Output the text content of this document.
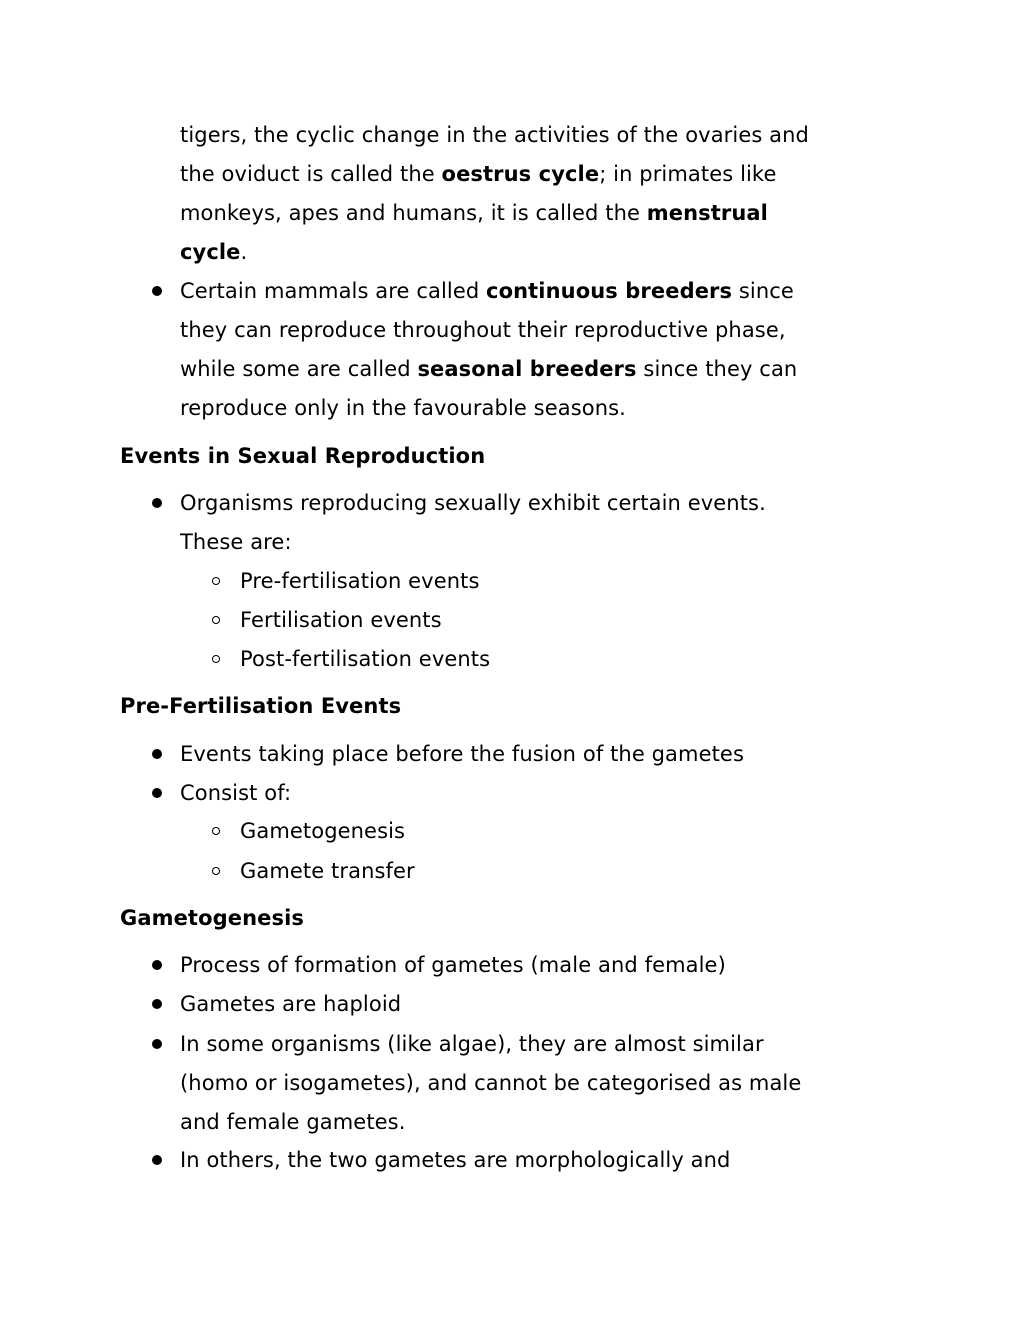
tigers, the cyclic change in the activities of the ovaries and
the oviduct is called the oestrus cycle; in primates like
monkeys, apes and humans, it is called the menstrual
cycle.
Certain mammals are called continuous breeders since
they can reproduce throughout their reproductive phase,
while some are called seasonal breeders since they can
reproduce only in the favourable seasons.
Events in Sexual Reproduction
Organisms reproducing sexually exhibit certain events.
These are:
Pre-fertilisation events
Fertilisation events
Post-fertilisation events
Pre-Fertilisation Events
Events taking place before the fusion of the gametes
Consist of:
Gametogenesis
Gamete transfer
Gametogenesis
Process of formation of gametes (male and female)
Gametes are haploid
In some organisms (like algae), they are almost similar
(homo or isogametes), and cannot be categorised as male
and female gametes.
In others, the two gametes are morphologically and
